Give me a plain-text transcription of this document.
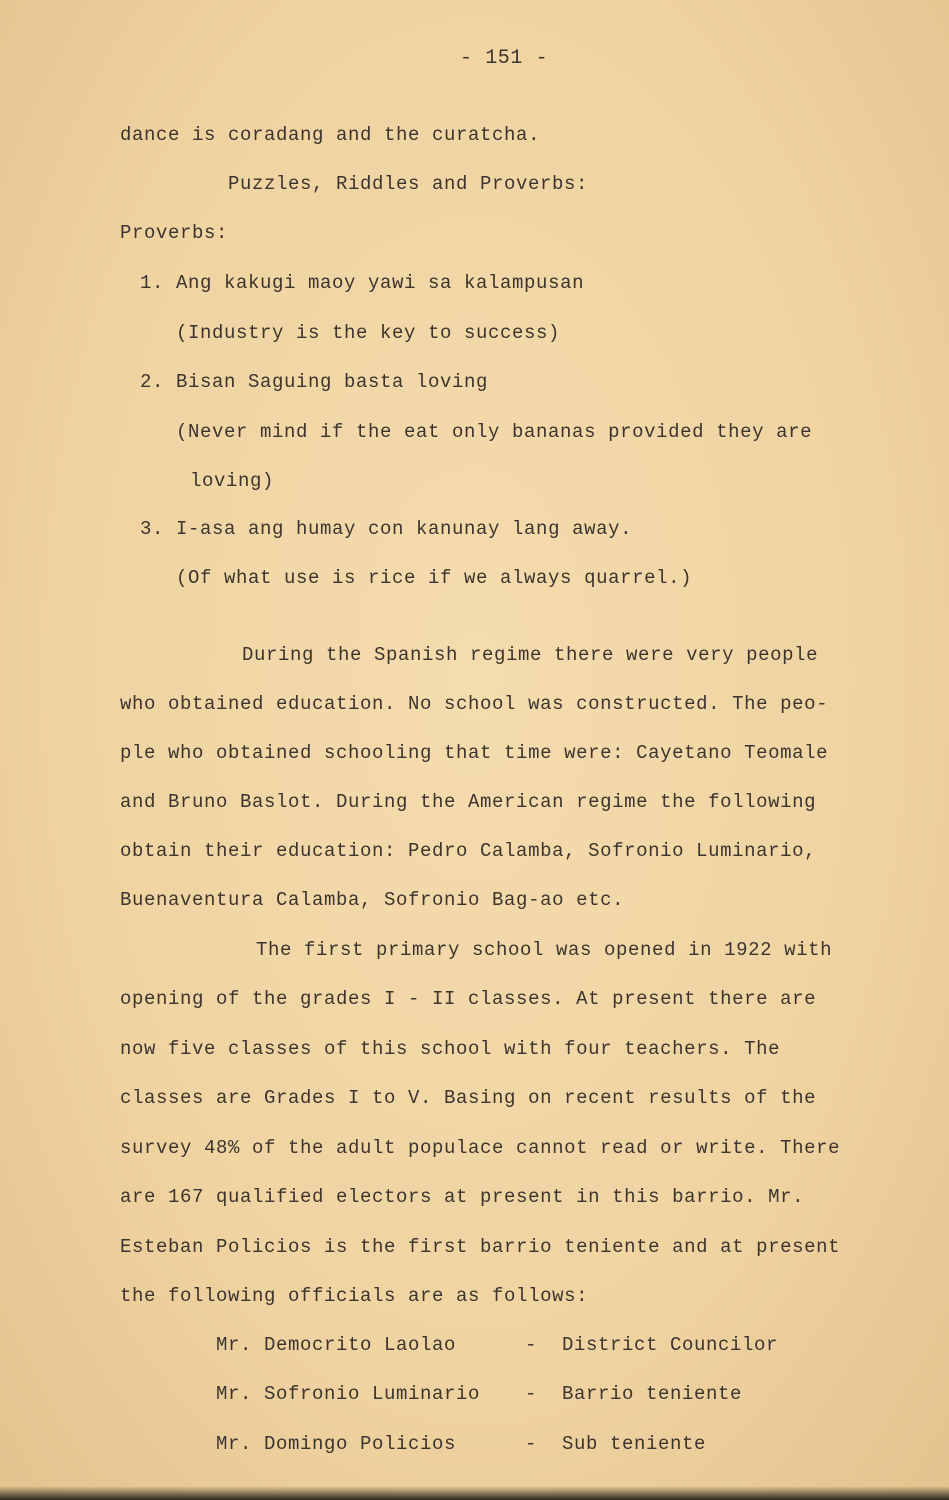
- 151 -
dance is coradang and the curatcha.
Puzzles, Riddles and Proverbs:
Proverbs:
1. Ang kakugi maoy yawi sa kalampusan
(Industry is the key to success)
2. Bisan Saguing basta loving
(Never mind if the eat only bananas provided they are
loving)
3. I-asa ang humay con kanunay lang away.
(Of what use is rice if we always quarrel.)
During the Spanish regime there were very people
who obtained education. No school was constructed. The peo-
ple who obtained schooling that time were: Cayetano Teomale
and Bruno Baslot. During the American regime the following
obtain their education: Pedro Calamba, Sofronio Luminario,
Buenaventura Calamba, Sofronio Bag-ao etc.
The first primary school was opened in 1922 with
opening of the grades I - II classes. At present there are
now five classes of this school with four teachers. The
classes are Grades I to V. Basing on recent results of the
survey 48% of the adult populace cannot read or write. There
are 167 qualified electors at present in this barrio. Mr.
Esteban Policios is the first barrio teniente and at present
the following officials are as follows:
Mr. Democrito Laolao	- District Councilor
Mr. Sofronio Luminario - Barrio teniente
Mr. Domingo Policios	- Sub teniente
